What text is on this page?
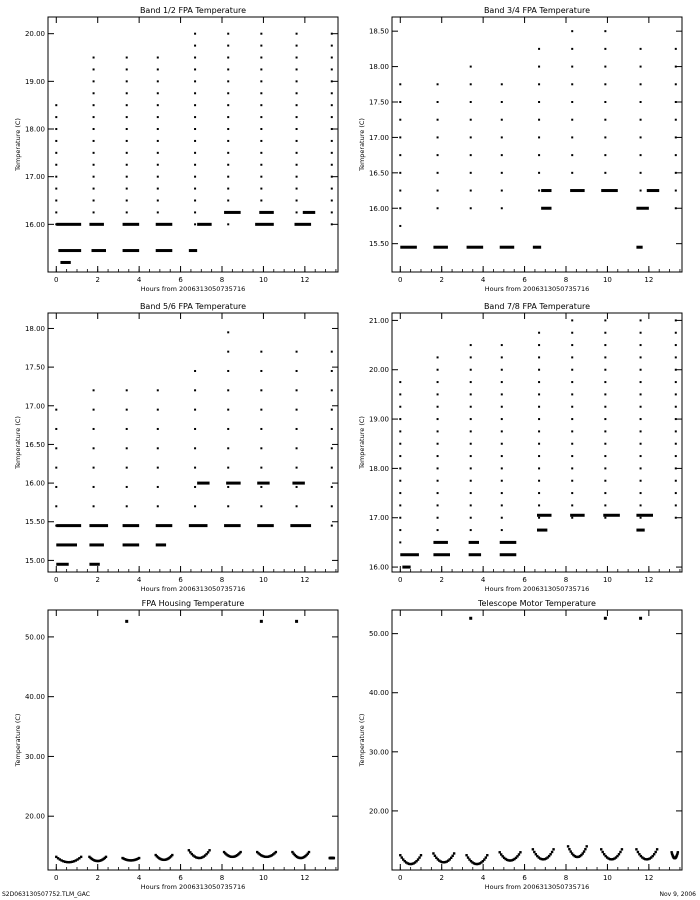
Band 1/2 FPA Temperature
Hours from 2006313050735716
Temperature (C)
0	2	4	6	8	10	12
16.00
17.00
18.00
19.00
20.00
Band 3/4 FPA Temperature
Hours from 2006313050735716
Temperature (C)
0	2	4	6	8	10	12
15.50
16.00
16.50
17.00
17.50
18.00
18.50
Band 5/6 FPA Temperature
Hours from 2006313050735716
Temperature (C)
0	2	4	6	8	10	12
15.00
15.50
16.00
16.50
17.00
17.50
18.00
Band 7/8 FPA Temperature
Hours from 2006313050735716
Temperature (C)
0	2	4	6	8	10	12
16.00
17.00
18.00
19.00
20.00
21.00
FPA Housing Temperature
Hours from 2006313050735716
Temperature (C)
0	2	4	6	8	10	12
20.00
30.00
40.00
50.00
Telescope Motor Temperature
Hours from 2006313050735716
Temperature (C)
0	2	4	6	8	10	12
20.00
30.00
40.00
50.00
S2D063130507752.TLM_GAC	Nov 9, 2006
